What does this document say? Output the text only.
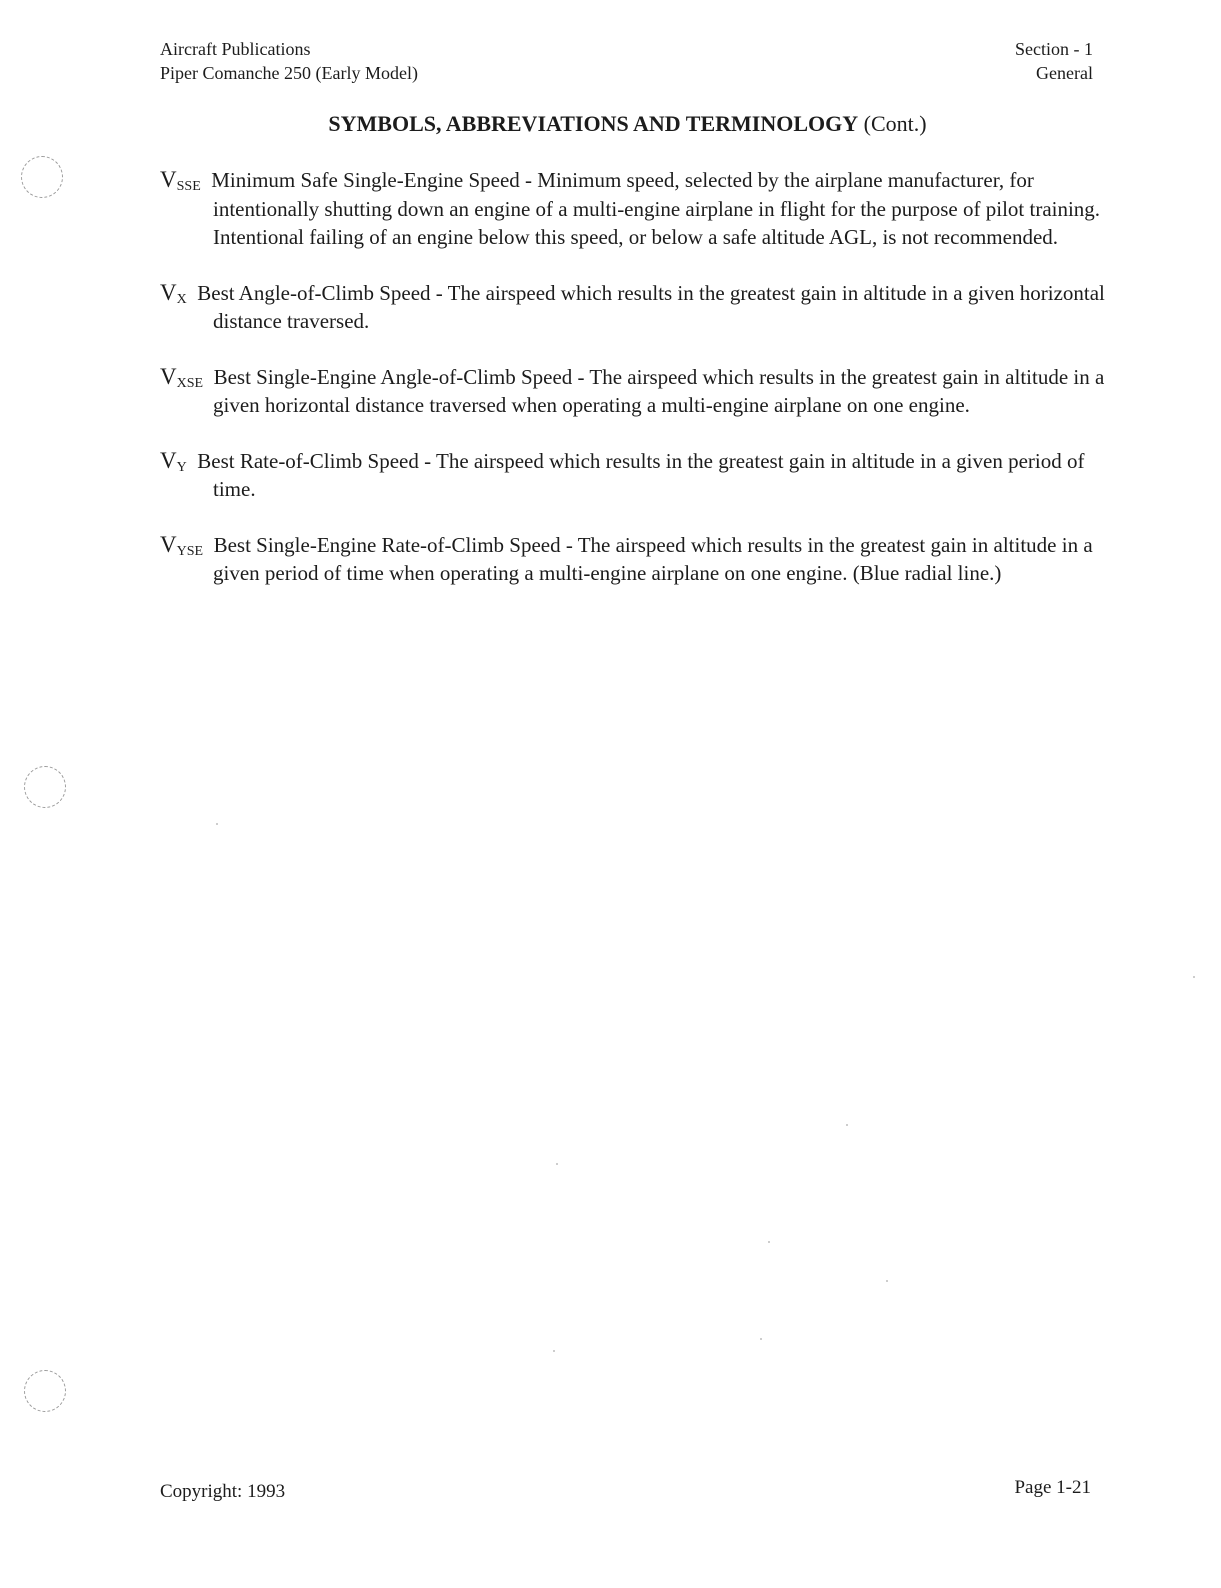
Aircraft Publications
Piper Comanche 250 (Early Model)
Section - 1
General
SYMBOLS, ABBREVIATIONS AND TERMINOLOGY (Cont.)
$V_{SSE}$ Minimum Safe Single-Engine Speed - Minimum speed, selected by the airplane manufacturer, for intentionally shutting down an engine of a multi-engine airplane in flight for the purpose of pilot training. Intentional failing of an engine below this speed, or below a safe altitude AGL, is not recommended.
$V_X$ Best Angle-of-Climb Speed - The airspeed which results in the greatest gain in altitude in a given horizontal distance traversed.
$V_{XSE}$ Best Single-Engine Angle-of-Climb Speed - The airspeed which results in the greatest gain in altitude in a given horizontal distance traversed when operating a multi-engine airplane on one engine.
$V_Y$ Best Rate-of-Climb Speed - The airspeed which results in the greatest gain in altitude in a given period of time.
$V_{YSE}$ Best Single-Engine Rate-of-Climb Speed - The airspeed which results in the greatest gain in altitude in a given period of time when operating a multi-engine airplane on one engine. (Blue radial line.)
Copyright: 1993	Page 1-21
